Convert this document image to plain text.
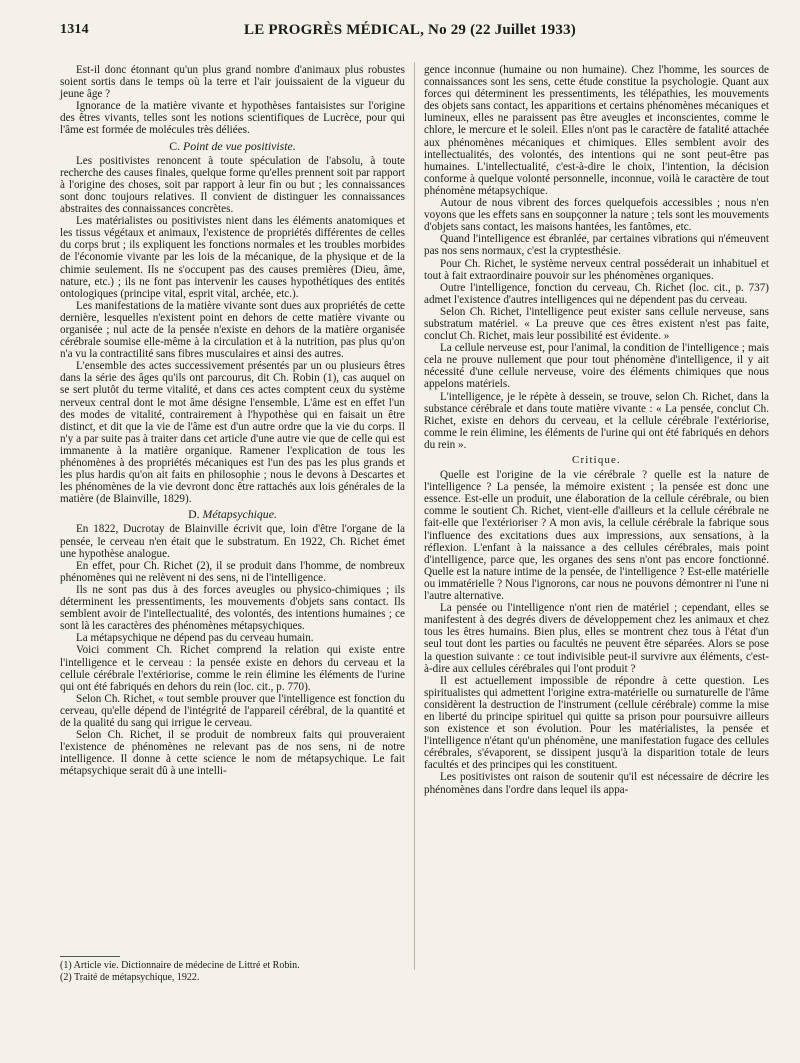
1314	LE PROGRÈS MÉDICAL, No 29 (22 Juillet 1933)

Est-il donc étonnant qu'un plus grand nombre d'animaux plus robustes soient sortis dans le temps où la terre et l'air jouissaient de la vigueur du jeune âge ?

Ignorance de la matière vivante et hypothèses fantaisistes sur l'origine des êtres vivants, telles sont les notions scientifiques de Lucrèce, pour qui l'âme est formée de molécules très déliées.

C. Point de vue positiviste.

Les positivistes renoncent à toute spéculation de l'absolu, à toute recherche des causes finales, quelque forme qu'elles prennent soit par rapport à l'origine des choses, soit par rapport à leur fin ou but ; les connaissances sont donc toujours relatives. Il convient de distinguer les connaissances abstraites des connaissances concrètes.

Les matérialistes ou positivistes nient dans les éléments anatomiques et les tissus végétaux et animaux, l'existence de propriétés différentes de celles du corps brut ; ils expliquent les fonctions normales et les troubles morbides de l'économie vivante par les lois de la mécanique, de la physique et de la chimie seulement. Ils ne s'occupent pas des causes premières (Dieu, âme, nature, etc.) ; ils ne font pas intervenir les causes hypothétiques des entités ontologiques (principe vital, esprit vital, archée, etc.).

Les manifestations de la matière vivante sont dues aux propriétés de cette dernière, lesquelles n'existent point en dehors de cette matière vivante ou organisée ; nul acte de la pensée n'existe en dehors de la matière organisée cérébrale soumise elle-même à la circulation et à la nutrition, pas plus qu'on n'a vu la contractilité sans fibres musculaires et ainsi des autres.

L'ensemble des actes successivement présentés par un ou plusieurs êtres dans la série des âges qu'ils ont parcourus, dit Ch. Robin (1), cas auquel on se sert plutôt du terme vitalité, et dans ces actes comptent ceux du système nerveux central dont le mot âme désigne l'ensemble. L'âme est en effet l'un des modes de vitalité, contrairement à l'hypothèse qui en faisait un être distinct, et dit que la vie de l'âme est d'un autre ordre que la vie du corps. Il n'y a par suite pas à traiter dans cet article d'une autre vie que de celle qui est immanente à la matière organique. Ramener l'explication de tous les phénomènes à des propriétés mécaniques est l'un des pas les plus grands et les plus hardis qu'on ait faits en philosophie ; nous le devons à Descartes et les phénomènes de la vie devront donc être rattachés aux lois générales de la matière (de Blainville, 1829).

D. Métapsychique.

En 1822, Ducrotay de Blainville écrivit que, loin d'être l'organe de la pensée, le cerveau n'en était que le substratum. En 1922, Ch. Richet émet une hypothèse analogue.

En effet, pour Ch. Richet (2), il se produit dans l'homme, de nombreux phénomènes qui ne relèvent ni des sens, ni de l'intelligence.

Ils ne sont pas dus à des forces aveugles ou physico-chimiques ; ils déterminent les pressentiments, les mouvements d'objets sans contact. Ils semblent avoir de l'intellectualité, des volontés, des intentions humaines ; ce sont là les caractères des phénomènes métapsychiques.

La métapsychique ne dépend pas du cerveau humain.

Voici comment Ch. Richet comprend la relation qui existe entre l'intelligence et le cerveau : la pensée existe en dehors du cerveau et la cellule cérébrale l'extériorise, comme le rein élimine les éléments de l'urine qui ont été fabriqués en dehors du rein (loc. cit., p. 770).

Selon Ch. Richet, « tout semble prouver que l'intelligence est fonction du cerveau, qu'elle dépend de l'intégrité de l'appareil cérébral, de la quantité et de la qualité du sang qui irrigue le cerveau.

Selon Ch. Richet, il se produit de nombreux faits qui prouveraient l'existence de phénomènes ne relevant pas de nos sens, ni de notre intelligence. Il donne à cette science le nom de métapsychique. Le fait métapsychique serait dû à une intelli-

gence inconnue (humaine ou non humaine). Chez l'homme, les sources de connaissances sont les sens, cette étude constitue la psychologie. Quant aux forces qui déterminent les pressentiments, les télépathies, les mouvements des objets sans contact, les apparitions et certains phénomènes mécaniques et lumineux, elles ne paraissent pas être aveugles et inconscientes, comme le chlore, le mercure et le soleil. Elles n'ont pas le caractère de fatalité attachée aux phénomènes mécaniques et chimiques. Elles semblent avoir des intellectualités, des volontés, des intentions qui ne sont peut-être pas humaines. L'intellectualité, c'est-à-dire le choix, l'intention, la décision conforme à quelque volonté personnelle, inconnue, voilà le caractère de tout phénomène métapsychique.

Autour de nous vibrent des forces quelquefois accessibles ; nous n'en voyons que les effets sans en soupçonner la nature ; tels sont les mouvements d'objets sans contact, les maisons hantées, les fantômes, etc.

Quand l'intelligence est ébranlée, par certaines vibrations qui n'émeuvent pas nos sens normaux, c'est la cryptesthésie.

Pour Ch. Richet, le système nerveux central posséderait un inhabituel et tout à fait extraordinaire pouvoir sur les phénomènes organiques.

Outre l'intelligence, fonction du cerveau, Ch. Richet (loc. cit., p. 737) admet l'existence d'autres intelligences qui ne dépendent pas du cerveau.

Selon Ch. Richet, l'intelligence peut exister sans cellule nerveuse, sans substratum matériel. « La preuve que ces êtres existent n'est pas faite, conclut Ch. Richet, mais leur possibilité est évidente. »

La cellule nerveuse est, pour l'animal, la condition de l'intelligence ; mais cela ne prouve nullement que pour tout phénomène d'intelligence, il y ait nécessité d'une cellule nerveuse, voire des éléments chimiques que nous appelons matériels.

L'intelligence, je le répète à dessein, se trouve, selon Ch. Richet, dans la substance cérébrale et dans toute matière vivante : « La pensée, conclut Ch. Richet, existe en dehors du cerveau, et la cellule cérébrale l'extériorise, comme le rein élimine, les éléments de l'urine qui ont été fabriqués en dehors du rein ».

Critique.

Quelle est l'origine de la vie cérébrale ? quelle est la nature de l'intelligence ? La pensée, la mémoire existent ; la pensée est donc une essence. Est-elle un produit, une élaboration de la cellule cérébrale, ou bien comme le soutient Ch. Richet, vient-elle d'ailleurs et la cellule cérébrale ne fait-elle que l'extérioriser ? A mon avis, la cellule cérébrale la fabrique sous l'influence des excitations dues aux impressions, aux sensations, à la réflexion. L'enfant à la naissance a des cellules cérébrales, mais point d'intelligence, parce que, les organes des sens n'ont pas encore fonctionné. Quelle est la nature intime de la pensée, de l'intelligence ? Est-elle matérielle ou immatérielle ? Nous l'ignorons, car nous ne pouvons démontrer ni l'une ni l'autre alternative.

La pensée ou l'intelligence n'ont rien de matériel ; cependant, elles se manifestent à des degrés divers de développement chez les animaux et chez tous les êtres humains. Bien plus, elles se montrent chez tous à l'état d'un seul tout dont les parties ou facultés ne peuvent être séparées. Alors se pose la question suivante : ce tout indivisible peut-il survivre aux éléments, c'est-à-dire aux cellules cérébrales qui l'ont produit ?

Il est actuellement impossible de répondre à cette question. Les spiritualistes qui admettent l'origine extra-matérielle ou surnaturelle de l'âme considèrent la destruction de l'instrument (cellule cérébrale) comme la mise en liberté du principe spirituel qui quitte sa prison pour poursuivre ailleurs son existence et son évolution. Pour les matérialistes, la pensée et l'intelligence n'étant qu'un phénomène, une manifestation fugace des cellules cérébrales, s'évaporent, se dissipent jusqu'à la disparition totale de leurs facultés et des principes qui les constituent.

Les positivistes ont raison de soutenir qu'il est nécessaire de décrire les phénomènes dans l'ordre dans lequel ils appa-

(1) Article vie. Dictionnaire de médecine de Littré et Robin.
(2) Traité de métapsychique, 1922.
